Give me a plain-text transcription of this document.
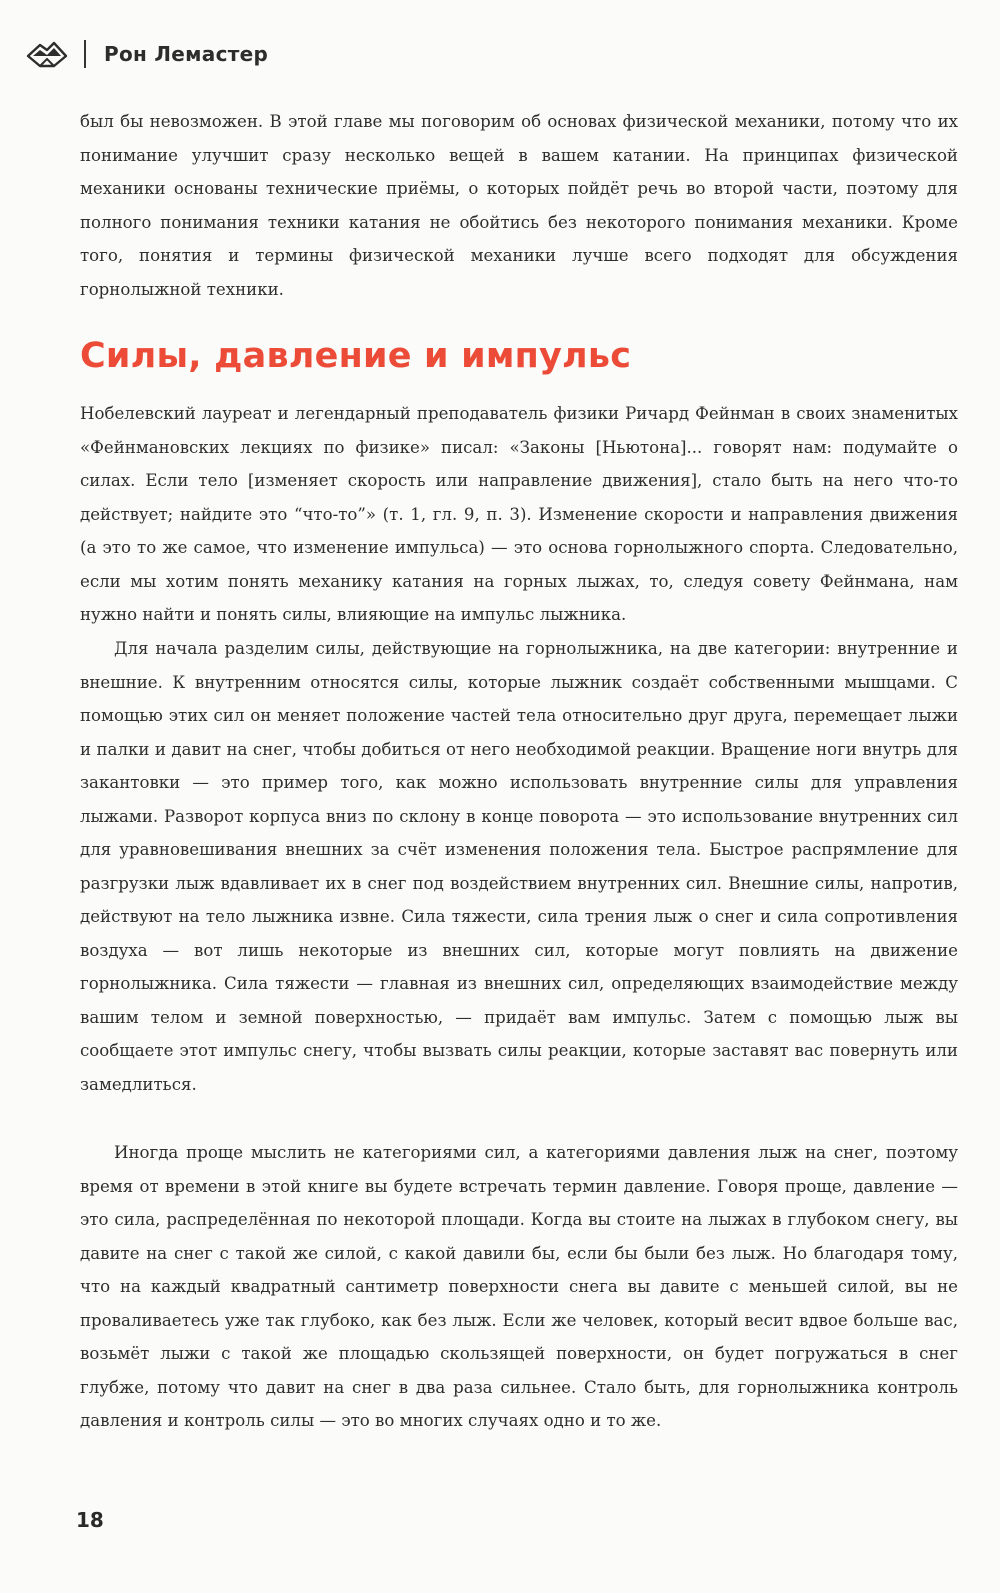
Рон Лемастер

был бы невозможен. В этой главе мы поговорим об основах физической механики, потому что их понимание улучшит сразу несколько вещей в вашем катании. На принципах физической механики основаны технические приёмы, о которых пойдёт речь во второй части, поэтому для полного понимания техники катания не обойтись без некоторого понимания механики. Кроме того, понятия и термины физической механики лучше всего подходят для обсуждения горнолыжной техники.

Силы, давление и импульс

Нобелевский лауреат и легендарный преподаватель физики Ричард Фейнман в своих знаменитых «Фейнмановских лекциях по физике» писал: «Законы [Ньютона]... говорят нам: подумайте о силах. Если тело [изменяет скорость или направление движения], стало быть на него что-то действует; найдите это “что-то”» (т. 1, гл. 9, п. 3). Изменение скорости и направления движения (а это то же самое, что изменение импульса) — это основа горнолыжного спорта. Следовательно, если мы хотим понять механику катания на горных лыжах, то, следуя совету Фейнмана, нам нужно найти и понять силы, влияющие на импульс лыжника.

Для начала разделим силы, действующие на горнолыжника, на две категории: внутренние и внешние. К внутренним относятся силы, которые лыжник создаёт собственными мышцами. С помощью этих сил он меняет положение частей тела относительно друг друга, перемещает лыжи и палки и давит на снег, чтобы добиться от него необходимой реакции. Вращение ноги внутрь для закантовки — это пример того, как можно использовать внутренние силы для управления лыжами. Разворот корпуса вниз по склону в конце поворота — это использование внутренних сил для уравновешивания внешних за счёт изменения положения тела. Быстрое распрямление для разгрузки лыж вдавливает их в снег под воздействием внутренних сил. Внешние силы, напротив, действуют на тело лыжника извне. Сила тяжести, сила трения лыж о снег и сила сопротивления воздуха — вот лишь некоторые из внешних сил, которые могут повлиять на движение горнолыжника. Сила тяжести — главная из внешних сил, определяющих взаимодействие между вашим телом и земной поверхностью, — придаёт вам импульс. Затем с помощью лыж вы сообщаете этот импульс снегу, чтобы вызвать силы реакции, которые заставят вас повернуть или замедлиться.

Иногда проще мыслить не категориями сил, а категориями давления лыж на снег, поэтому время от времени в этой книге вы будете встречать термин давление. Говоря проще, давление — это сила, распределённая по некоторой площади. Когда вы стоите на лыжах в глубоком снегу, вы давите на снег с такой же силой, с какой давили бы, если бы были без лыж. Но благодаря тому, что на каждый квадратный сантиметр поверхности снега вы давите с меньшей силой, вы не проваливаетесь уже так глубоко, как без лыж. Если же человек, который весит вдвое больше вас, возьмёт лыжи с такой же площадью скользящей поверхности, он будет погружаться в снег глубже, потому что давит на снег в два раза сильнее. Стало быть, для горнолыжника контроль давления и контроль силы — это во многих случаях одно и то же.

18
